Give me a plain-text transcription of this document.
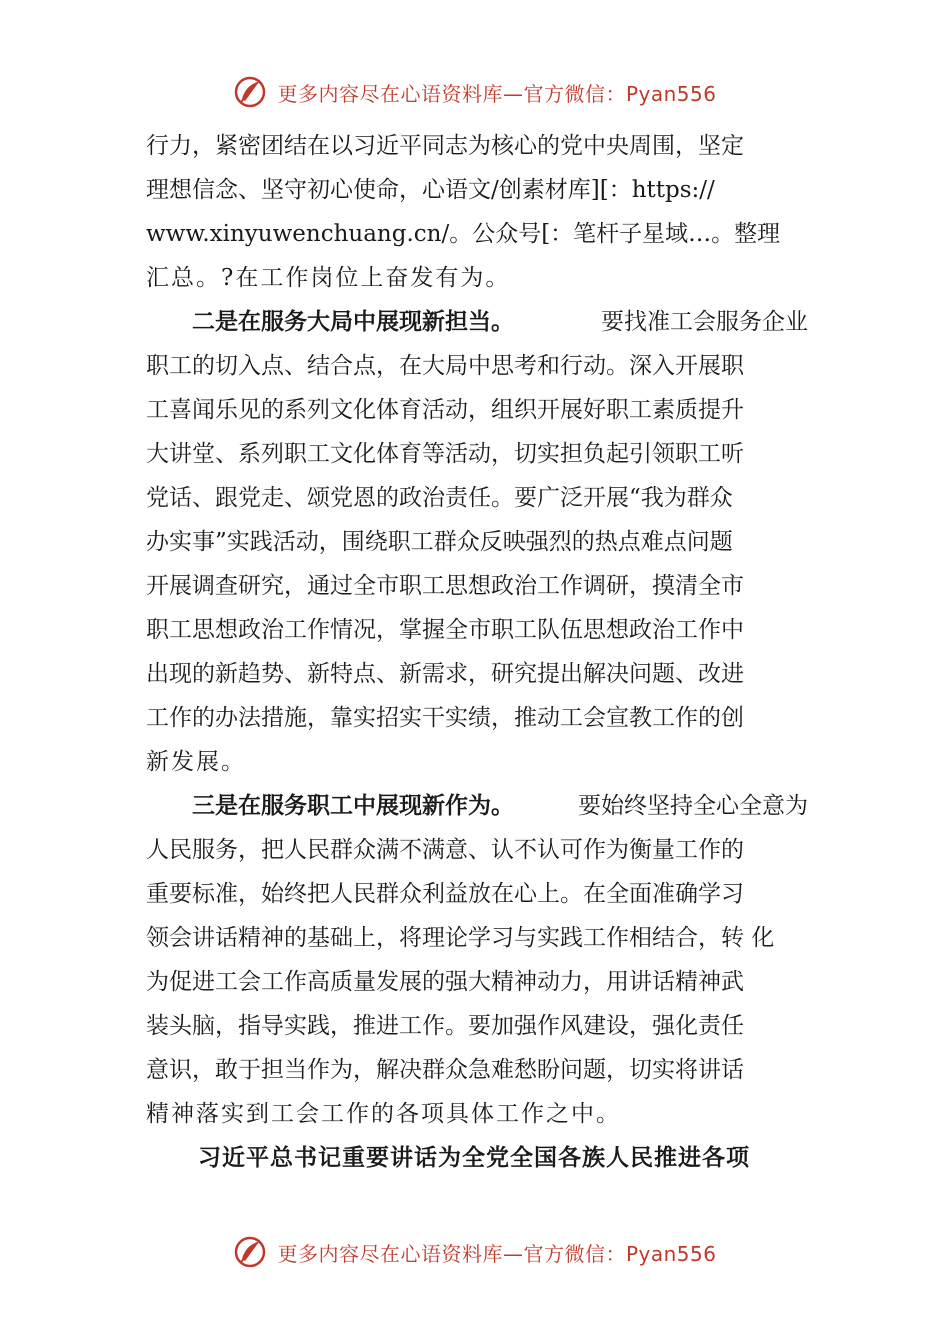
更多内容尽在心语资料库—官方微信：Pyan556
行力，紧密团结在以习近平同志为核心的党中央周围，坚定
理想信念、坚守初心使命，心语文/创素材库][：https://
www.xinyuwenchuang.cn/。公众号[：笔杆子星域…。整理
汇总。?在工作岗位上奋发有为。
二是在服务大局中展现新担当。	要找准工会服务企业
职工的切入点、结合点，在大局中思考和行动。深入开展职
工喜闻乐见的系列文化体育活动，组织开展好职工素质提升
大讲堂、系列职工文化体育等活动，切实担负起引领职工听
党话、跟党走、颂党恩的政治责任。要广泛开展“我为群众
办实事”实践活动，围绕职工群众反映强烈的热点难点问题
开展调查研究，通过全市职工思想政治工作调研，摸清全市
职工思想政治工作情况，掌握全市职工队伍思想政治工作中
出现的新趋势、新特点、新需求，研究提出解决问题、改进
工作的办法措施，靠实招实干实绩，推动工会宣教工作的创
新发展。
三是在服务职工中展现新作为。	要始终坚持全心全意为
人民服务，把人民群众满不满意、认不认可作为衡量工作的
重要标准，始终把人民群众利益放在心上。在全面准确学习
领会讲话精神的基础上，将理论学习与实践工作相结合，转 化
为促进工会工作高质量发展的强大精神动力，用讲话精神武
装头脑，指导实践，推进工作。要加强作风建设，强化责任
意识，敢于担当作为，解决群众急难愁盼问题，切实将讲话
精神落实到工会工作的各项具体工作之中。
习近平总书记重要讲话为全党全国各族人民推进各项
更多内容尽在心语资料库—官方微信：Pyan556
